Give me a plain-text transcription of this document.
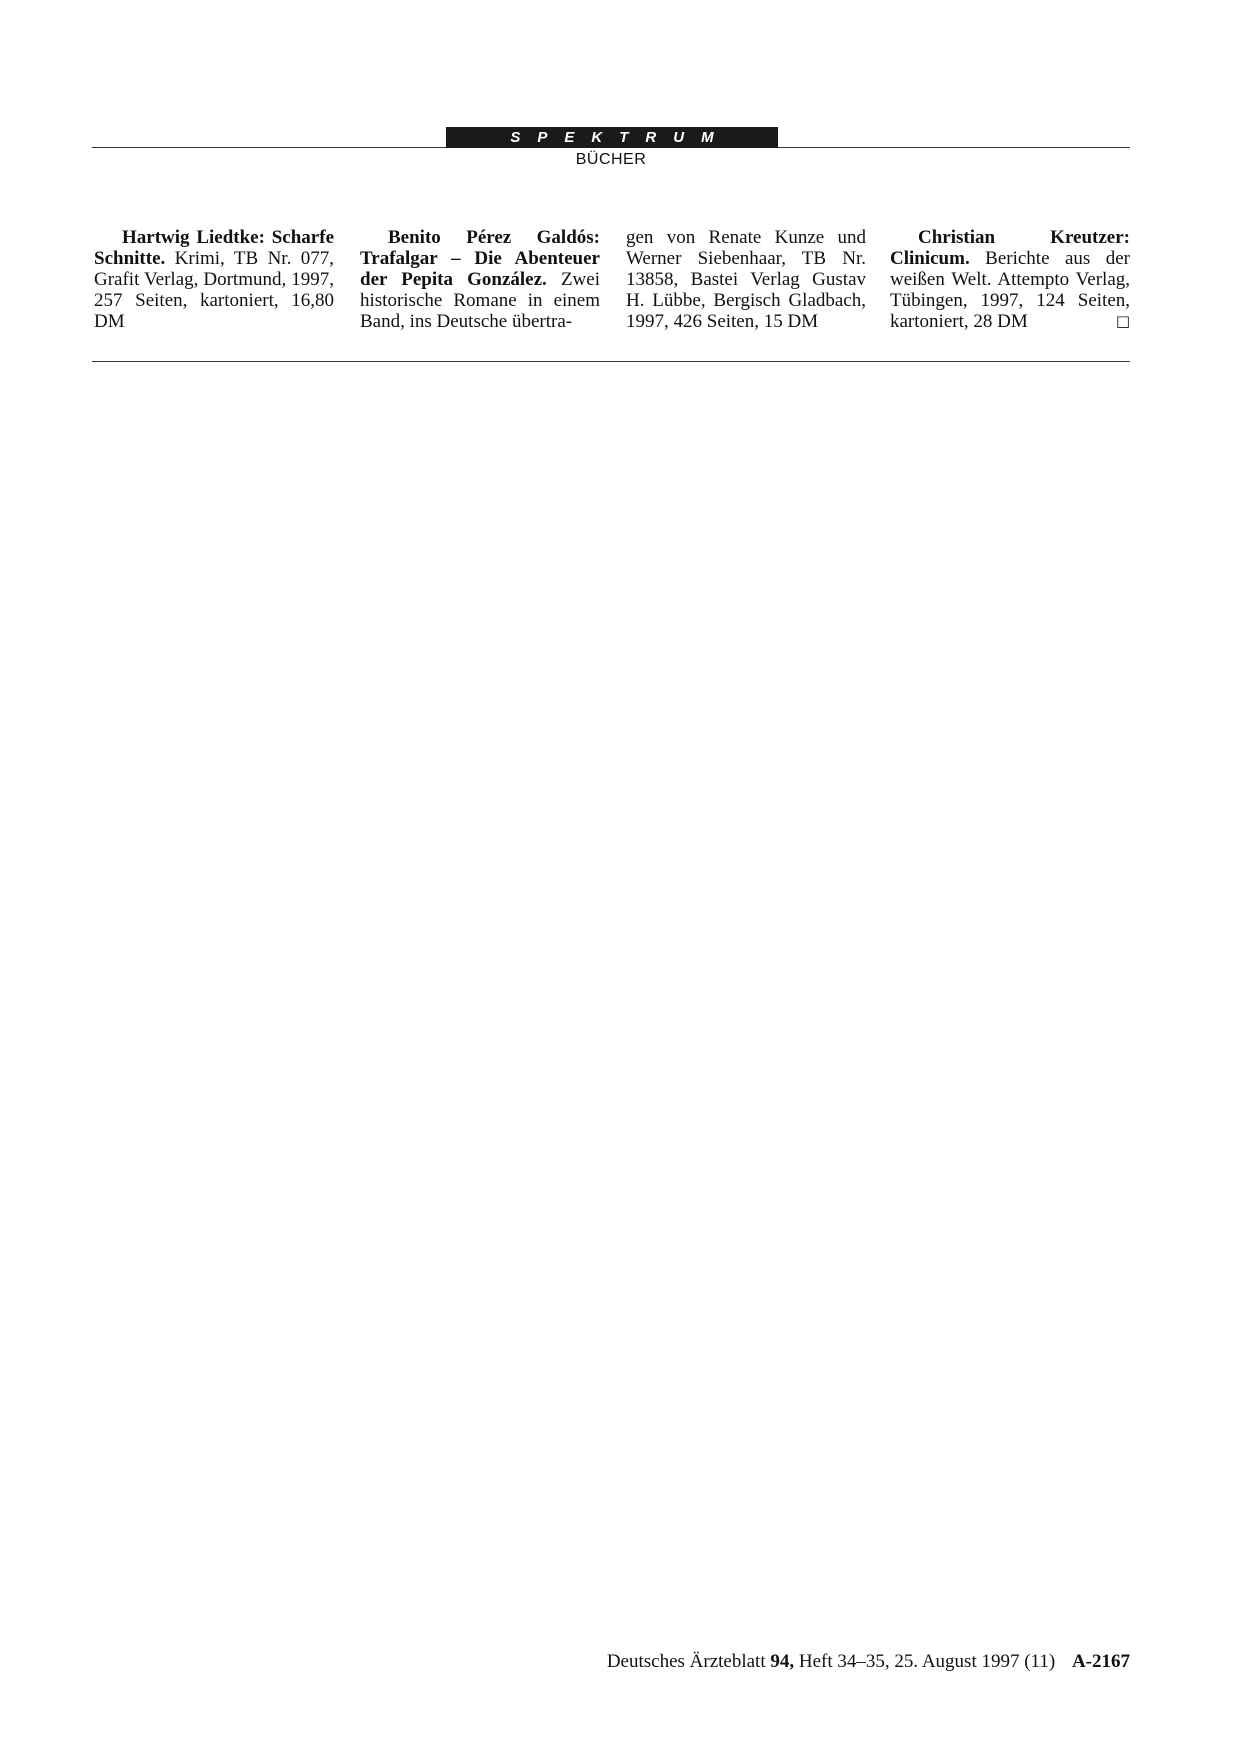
SPEKTRUM
BÜCHER

Hartwig Liedtke: Scharfe Schnitte. Krimi, TB Nr. 077, Grafit Verlag, Dortmund, 1997, 257 Seiten, kartoniert, 16,80 DM

Benito Pérez Galdós: Trafalgar – Die Abenteuer der Pepita González. Zwei historische Romane in einem Band, ins Deutsche übertra-

gen von Renate Kunze und Werner Siebenhaar, TB Nr. 13858, Bastei Verlag Gustav H. Lübbe, Bergisch Gladbach, 1997, 426 Seiten, 15 DM

Christian Kreutzer: Clinicum. Berichte aus der weißen Welt. Attempto Verlag, Tübingen, 1997, 124 Seiten, kartoniert, 28 DM	□

Deutsches Ärzteblatt 94, Heft 34–35, 25. August 1997 (11) A-2167
